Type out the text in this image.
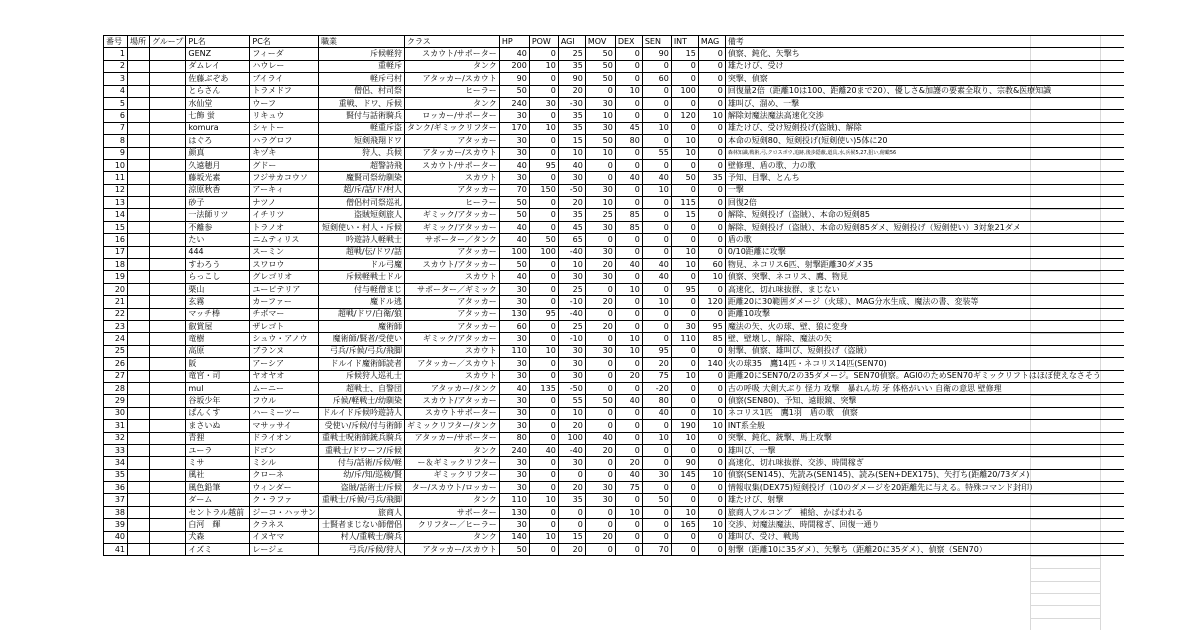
番号	場所	グループ	PL名	PC名	職業	クラス	HP	POW	AGI	MOV	DEX	SEN	INT	MAG	備考
1			GENZ	フィーダ	斥候軽狩	スカウト/サポーター	40	0	25	50	0	90	15	0	偵察、鈍化、矢撃ち
2			ダムレイ	ハウレー	重軽斥	タンク	200	10	35	50	0	0	0	0	雄たけび、受け
3			佐藤ぶぞあ	ブイライ	軽斥弓村	アタッカー/スカウト	90	0	90	50	0	60	0	0	突撃、偵察
4			とらさん	トラメドフ	僧侶、村司祭	ヒーラー	50	0	20	0	10	0	100	0	回復量2倍（距離10は100、距離20まで20）、優しさ&加護の要素全取り、宗教&医療知識
5			水仙堂	ウーフ	重戦、ドワ、斥候	タンク	240	30	-30	30	0	0	0	0	雄叫び、溜め、一撃
6			七飾 蛍	リキュウ	賢付与話術騎兵	ロッカー/サポーター	30	0	35	10	0	0	120	10	解除対魔法魔法高速化交渉
7			komura	シャトー	軽重斥盗	タンク/ギミックリフター	170	10	35	30	45	10	0	0	雄たけび、受け短剣投げ(盗賊)、解除
8			はぐろ	ハラグロフ	短剣飛翔ドワ	アタッカー	30	0	15	50	80	0	10	0	本命の短剣80、短剣投げ(短剣使い)5体に20
9			颜真	キヅキ	狩人、兵候	アタッカー/スカウト	30	0	10	10	0	55	10	0	森林知識,戦術,弓,クロスボウ,追跡,後歩隠蔽,道具,水,兵候5,27,狙い,俯瞰56
10			久遠穂月	グドー	超警詩飛	スカウト/サポーター	40	95	40	0	0	0	0	0	壁修理、盾の歌、力の歌
11			藤坂光素	フジサカコウソ	魔賢司祭幼馴染	スカウト	30	0	30	0	40	40	50	35	予知、目撃、とんち
12			涼原秋香	アーキィ	超/斥/話/ド/村人	アタッカー	70	150	-50	30	0	10	0	0	一撃
13			砂子	ナツノ	僧侶村司祭巡礼	ヒーラー	50	0	20	10	0	0	115	0	回復2倍
14			一法師リツ	イチリツ	盗賊短剣旅人	ギミック/アタッカー	50	0	35	25	85	0	15	0	解除、短剣投げ（盗賊）、本命の短剣85
15			不離参	トラノオ	短剣使い・村人・斥候	ギミック/アタッカー	40	0	45	30	85	0	0	0	解除、短剣投げ（盗賊）、本命の短剣85ダメ、短剣投げ（短剣使い）3対象21ダメ
16			たい	ニムティリス	吟遊詩人軽戦士	サポーター／タンク	40	50	65	0	0	0	0	0	盾の歌
17			444	スーミン	超戦/伝/ドワ/話	アタッカー	100	100	-40	30	0	0	10	0	0/10距離に攻撃
18			すわろう	スワロウ	ドル弓魔	スカウト/アタッカー	50	0	10	20	40	40	10	60	物見、ネコリス6匹、射撃距離30ダメ35
19			らっこし	グレゴリオ	斥候軽戦士ドル	スカウト	40	0	30	30	0	40	0	10	偵察、突撃、ネコリス、鷹、物見
20			栗山	ユーピテリア	付与軽僧まじ	サポーター／ギミック	30	0	25	0	10	0	95	0	高速化、切れ味抜群、まじない
21			玄霧	カーファー	魔ドル逃	アタッカー	30	0	-10	20	0	10	0	120	距離20に30範囲ダメージ（火球）、MAG分水生成、魔法の書、変装等
22			マッチ棒	チボマー	超戦/ドワ/白衛/狼	アタッカー	130	95	-40	0	0	0	0	0	距離10攻撃
23			叡賞屋	ザレゴト	魔術師	アタッカー	60	0	25	20	0	0	30	95	魔法の矢、火の球、壁、狼に変身
24			竜樹	シュウ・アノウ	魔術師/賢者/受使い	ギミック/アタッカー	30	0	-10	0	10	0	110	85	壁、壁壊し、解除、魔法の矢
25			高原	ブランヌ	弓兵/斥候/弓兵/飛脚	スカウト	110	10	30	30	10	95	0	0	射撃、偵察、雄叫び、短剣投げ（盗賊）
26			阪	アーシア	ドルイド魔術師読者	アタッカー／スカウト	30	0	30	0	0	20	0	140	火の球35　鷹14匹・ネコリス14匹(SEN70)
27			竜宮・司	ヤオヤオ	斥候狩人巡礼士	スカウト	30	0	30	0	20	75	10	0	距離20にSEN70/2の35ダメージ。SEN70偵察。AGI0のためSEN70ギミックリフトはほぼ使えなさそう
28			mul	ムーニー	超戦士、自警団	アタッカー/タンク	40	135	-50	0	0	-20	0	0	古の呼吸 大剣大ぶり 怪力 攻撃　暴れん坊 牙 体格がいい 自衛の意思 壁修理
29			谷坂少年	フウル	斥候/軽戦士/幼馴染	スカウト/アタッカー	30	0	55	50	40	80	0	0	偵察(SEN80)、予知、遠眼鏡、突撃
30			ぱんくす	ハーミーツー	ドルイド斥候吟遊詩人	スカウトサポーター	30	0	10	0	0	40	0	10	ネコリス1匹　鷹1羽　盾の歌　偵察
31			まさいぬ	マサッサイ	受使い/斥候/付与術師	ギミックリフター/タンク	30	0	20	0	0	0	190	10	INT系全般
32			青狸	ドライオン	重戦士呪術師銃兵騎兵	アタッカー/サポーター	80	0	100	40	0	10	10	0	突撃、鈍化、銃撃、馬上攻撃
33			ユーラ	ドゴン	重戦士/ドワーフ/斥候	タンク	240	40	-40	20	0	0	0	0	雄叫び、一撃
34			ミサ	ミシル	付与/話術/斥候/軽	ー＆ギミックリフター	30	0	30	0	20	0	90	0	高速化、切れ味抜群、交渉、時間稼ぎ
35			風社	クローネ	幼/斥/知/巡検/賢	ギミックリフター	30	0	0	0	40	30	145	10	偵察(SEN145)、先読み(SEN145)、読み(SEN+DEX175)、矢打ち(距離20/73ダメ)
36			風色鉛筆	ウィンダー	盗賊/話術士/斥候	ター/スカウト/ロッカー	30	0	20	30	75	0	0	0	情報収集(DEX75)短剣投げ（10のダメージを20距離先に与える。特殊コマンド封印）
37			ダーム	ク・ラファ	重戦士/斥候/弓兵/飛脚	タンク	110	10	35	30	0	50	0	0	雄たけび、射撃
38			セントラル越前	ジーコ・ハッサン	旅商人	サポーター	130	0	0	0	10	0	10	0	旅商人フルコンプ　補給、かばわれる
39			白河　輝	クラネス	士賢者まじない師僧侶	クリフター／ヒーラー	30	0	0	0	0	0	165	10	交渉、対魔法魔法、時間稼ぎ、回復一通り
40			犬森	イヌヤマ	村人/重戦士/騎兵	タンク	140	10	15	20	0	0	0	0	雄叫び、受け、戦馬
41			イズミ	レージェ	弓兵/斥候/狩人	アタッカー/スカウト	50	0	20	0	0	70	0	0	射撃（距離10に35ダメ）、矢撃ち（距離20に35ダメ）、偵察（SEN70）
